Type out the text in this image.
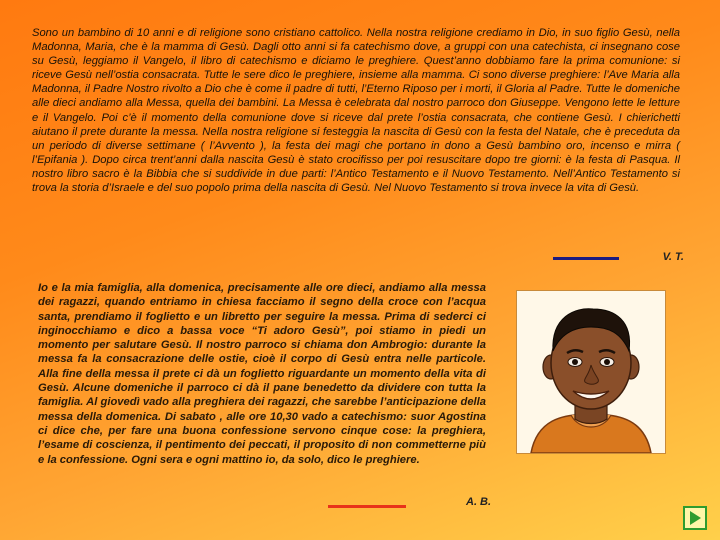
Sono un bambino di 10 anni e di religione sono cristiano cattolico. Nella nostra religione crediamo in Dio, in suo figlio Gesù, nella Madonna, Maria, che è la mamma di Gesù. Dagli otto anni si fa catechismo dove, a gruppi con una catechista, ci insegnano cose su Gesù, leggiamo il Vangelo, il libro di catechismo e diciamo le preghiere. Quest’anno dobbiamo fare la prima comunione: si riceve Gesù nell’ostia consacrata. Tutte le sere dico le preghiere, insieme alla mamma. Ci sono diverse preghiere: l’Ave Maria alla Madonna, il Padre Nostro rivolto a Dio che è come il padre di tutti, l’Eterno Riposo per i morti, il Gloria al Padre. Tutte le domeniche alle dieci andiamo alla Messa, quella dei bambini. La Messa è celebrata dal nostro parroco don Giuseppe. Vengono lette le letture e il Vangelo. Poi c’è il momento della comunione dove si riceve dal prete l’ostia consacrata, che contiene Gesù. I chierichetti aiutano il prete durante la messa. Nella nostra religione si festeggia la nascita di Gesù con la festa del Natale, che è preceduta da un periodo di diverse settimane ( l’Avvento ), la festa dei magi che portano in dono a Gesù bambino oro, incenso e mirra ( l’Epifania ). Dopo circa trent’anni dalla nascita Gesù è stato crocifisso per poi resuscitare dopo tre giorni: è la festa di Pasqua. Il nostro libro sacro è la Bibbia che si suddivide in due parti: l’Antico Testamento e il Nuovo Testamento. Nell’Antico Testamento si trova la storia d’Israele e del suo popolo prima della nascita di Gesù. Nel Nuovo Testamento si trova invece la vita di Gesù.

V. T.

Io e la mia famiglia, alla domenica, precisamente alle ore dieci, andiamo alla messa dei ragazzi, quando entriamo in chiesa facciamo il segno della croce con l’acqua santa, prendiamo il foglietto e un libretto per seguire la messa. Prima di sederci ci inginocchiamo e dico a bassa voce “Ti adoro Gesù”, poi stiamo in piedi un momento per salutare Gesù. Il nostro parroco si chiama don Ambrogio: durante la messa fa la consacrazione delle ostie, cioè il corpo di Gesù entra nelle particole. Alla fine della messa il prete ci dà un foglietto riguardante un momento della vita di Gesù. Alcune domeniche il parroco ci dà il pane benedetto da dividere con tutta la famiglia. Al giovedì vado alla preghiera dei ragazzi, che sarebbe l’anticipazione della messa della domenica. Di sabato , alle ore 10,30 vado a catechismo: suor Agostina ci dice che, per fare una buona confessione servono cinque cose: la preghiera, l’esame di coscienza, il pentimento dei peccati, il proposito di non commetterne più e la confessione. Ogni sera e ogni mattino io, da solo, dico le preghiere.

A. B.
